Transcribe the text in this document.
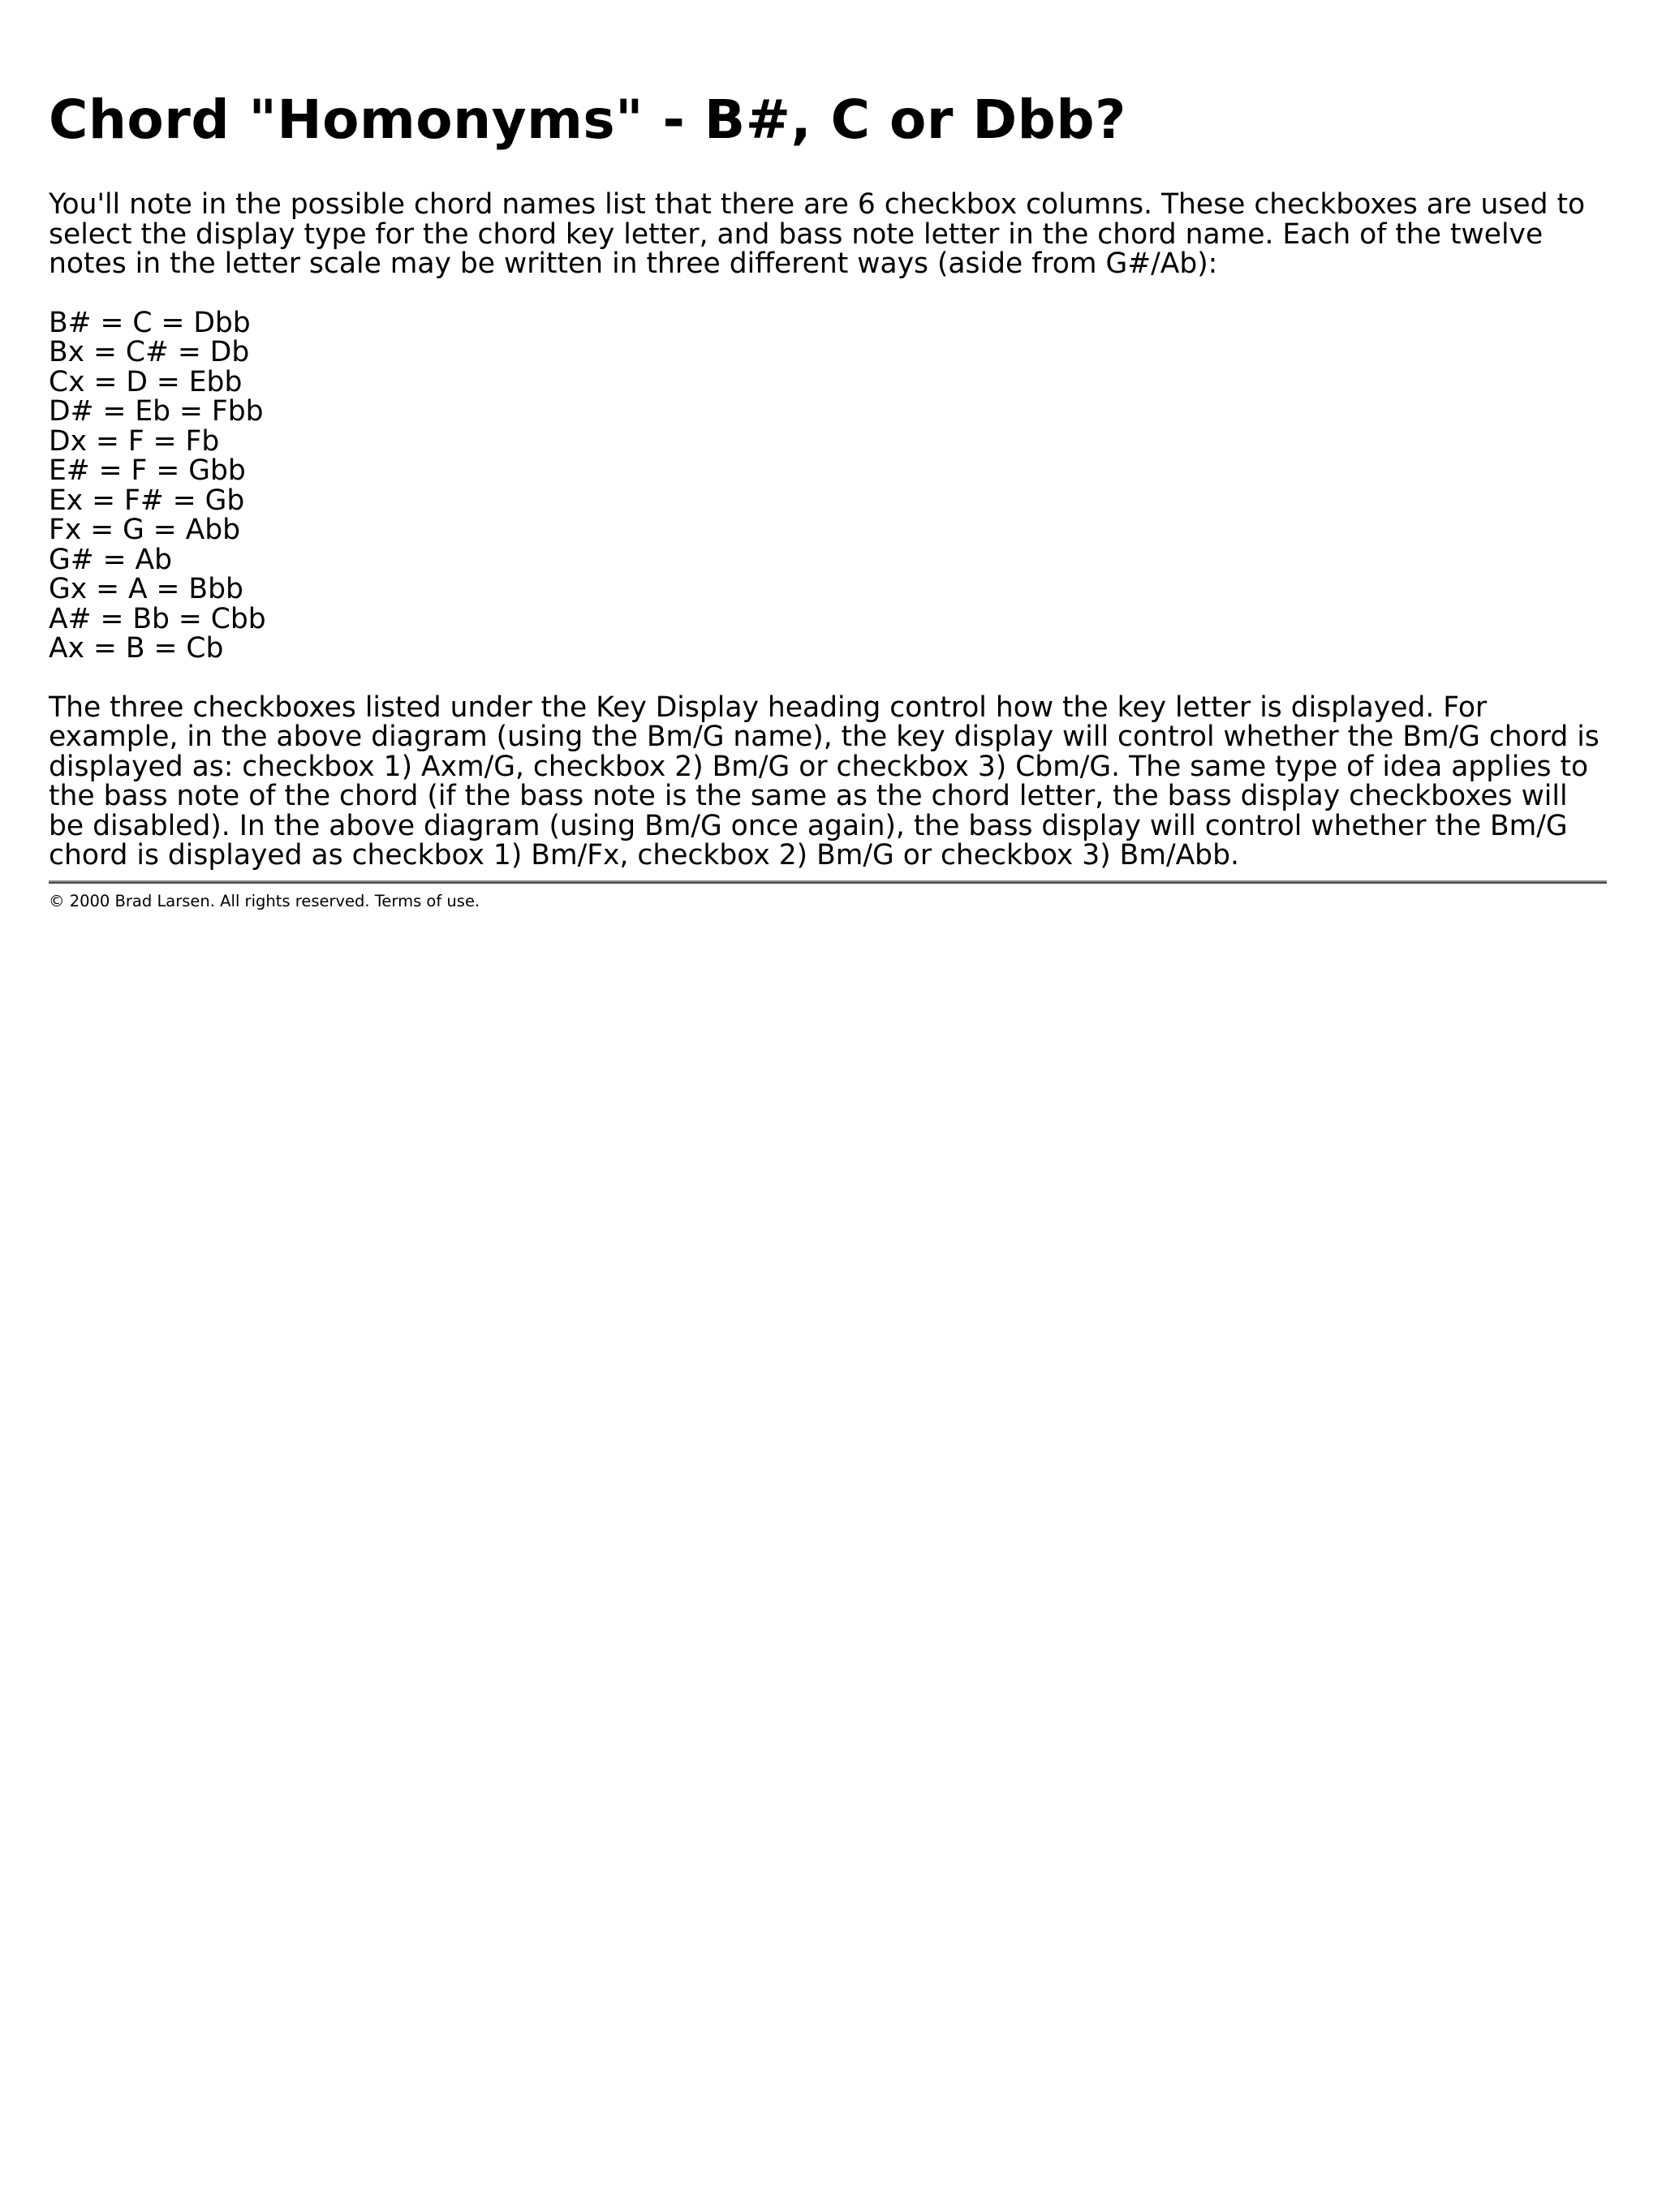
Chord "Homonyms" - B#, C or Dbb?

You'll note in the possible chord names list that there are 6 checkbox columns. These checkboxes are used to select the display type for the chord key letter, and bass note letter in the chord name. Each of the twelve notes in the letter scale may be written in three different ways (aside from G#/Ab):

B# = C = Dbb
Bx = C# = Db
Cx = D = Ebb
D# = Eb = Fbb
Dx = F = Fb
E# = F = Gbb
Ex = F# = Gb
Fx = G = Abb
G# = Ab
Gx = A = Bbb
A# = Bb = Cbb
Ax = B = Cb

The three checkboxes listed under the Key Display heading control how the key letter is displayed. For example, in the above diagram (using the Bm/G name), the key display will control whether the Bm/G chord is displayed as: checkbox 1) Axm/G, checkbox 2) Bm/G or checkbox 3) Cbm/G. The same type of idea applies to the bass note of the chord (if the bass note is the same as the chord letter, the bass display checkboxes will be disabled). In the above diagram (using Bm/G once again), the bass display will control whether the Bm/G chord is displayed as checkbox 1) Bm/Fx, checkbox 2) Bm/G or checkbox 3) Bm/Abb.

© 2000 Brad Larsen. All rights reserved. Terms of use.
